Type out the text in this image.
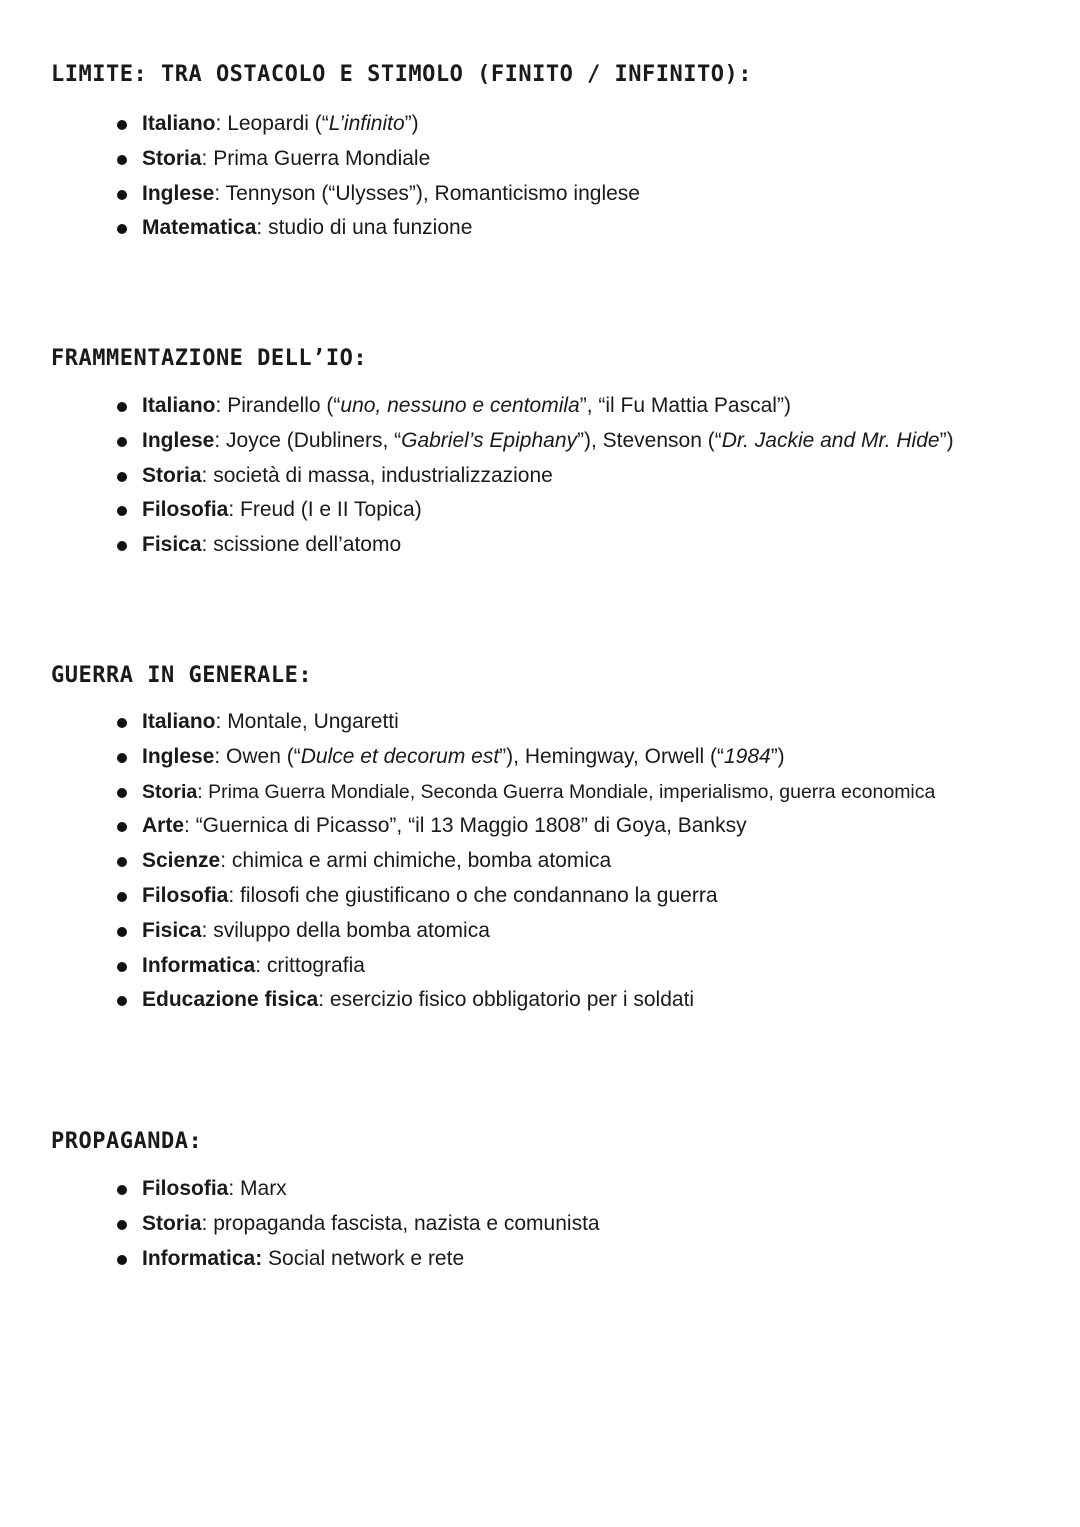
LIMITE: TRA OSTACOLO E STIMOLO (FINITO / INFINITO):
Italiano: Leopardi (“L’infinito”)
Storia: Prima Guerra Mondiale
Inglese: Tennyson (“Ulysses”), Romanticismo inglese
Matematica: studio di una funzione
FRAMMENTAZIONE DELL’IO:
Italiano: Pirandello (“uno, nessuno e centomila”, “il Fu Mattia Pascal”)
Inglese: Joyce (Dubliners, “Gabriel’s Epiphany”), Stevenson (“Dr. Jackie and Mr. Hide”)
Storia: società di massa, industrializzazione
Filosofia: Freud (I e II Topica)
Fisica: scissione dell’atomo
GUERRA IN GENERALE:
Italiano: Montale, Ungaretti
Inglese: Owen (“Dulce et decorum est”), Hemingway, Orwell (“1984”)
Storia: Prima Guerra Mondiale, Seconda Guerra Mondiale, imperialismo, guerra economica
Arte: “Guernica di Picasso”, “il 13 Maggio 1808” di Goya, Banksy
Scienze: chimica e armi chimiche, bomba atomica
Filosofia: filosofi che giustificano o che condannano la guerra
Fisica: sviluppo della bomba atomica
Informatica: crittografia
Educazione fisica: esercizio fisico obbligatorio per i soldati
PROPAGANDA:
Filosofia: Marx
Storia: propaganda fascista, nazista e comunista
Informatica: Social network e rete
